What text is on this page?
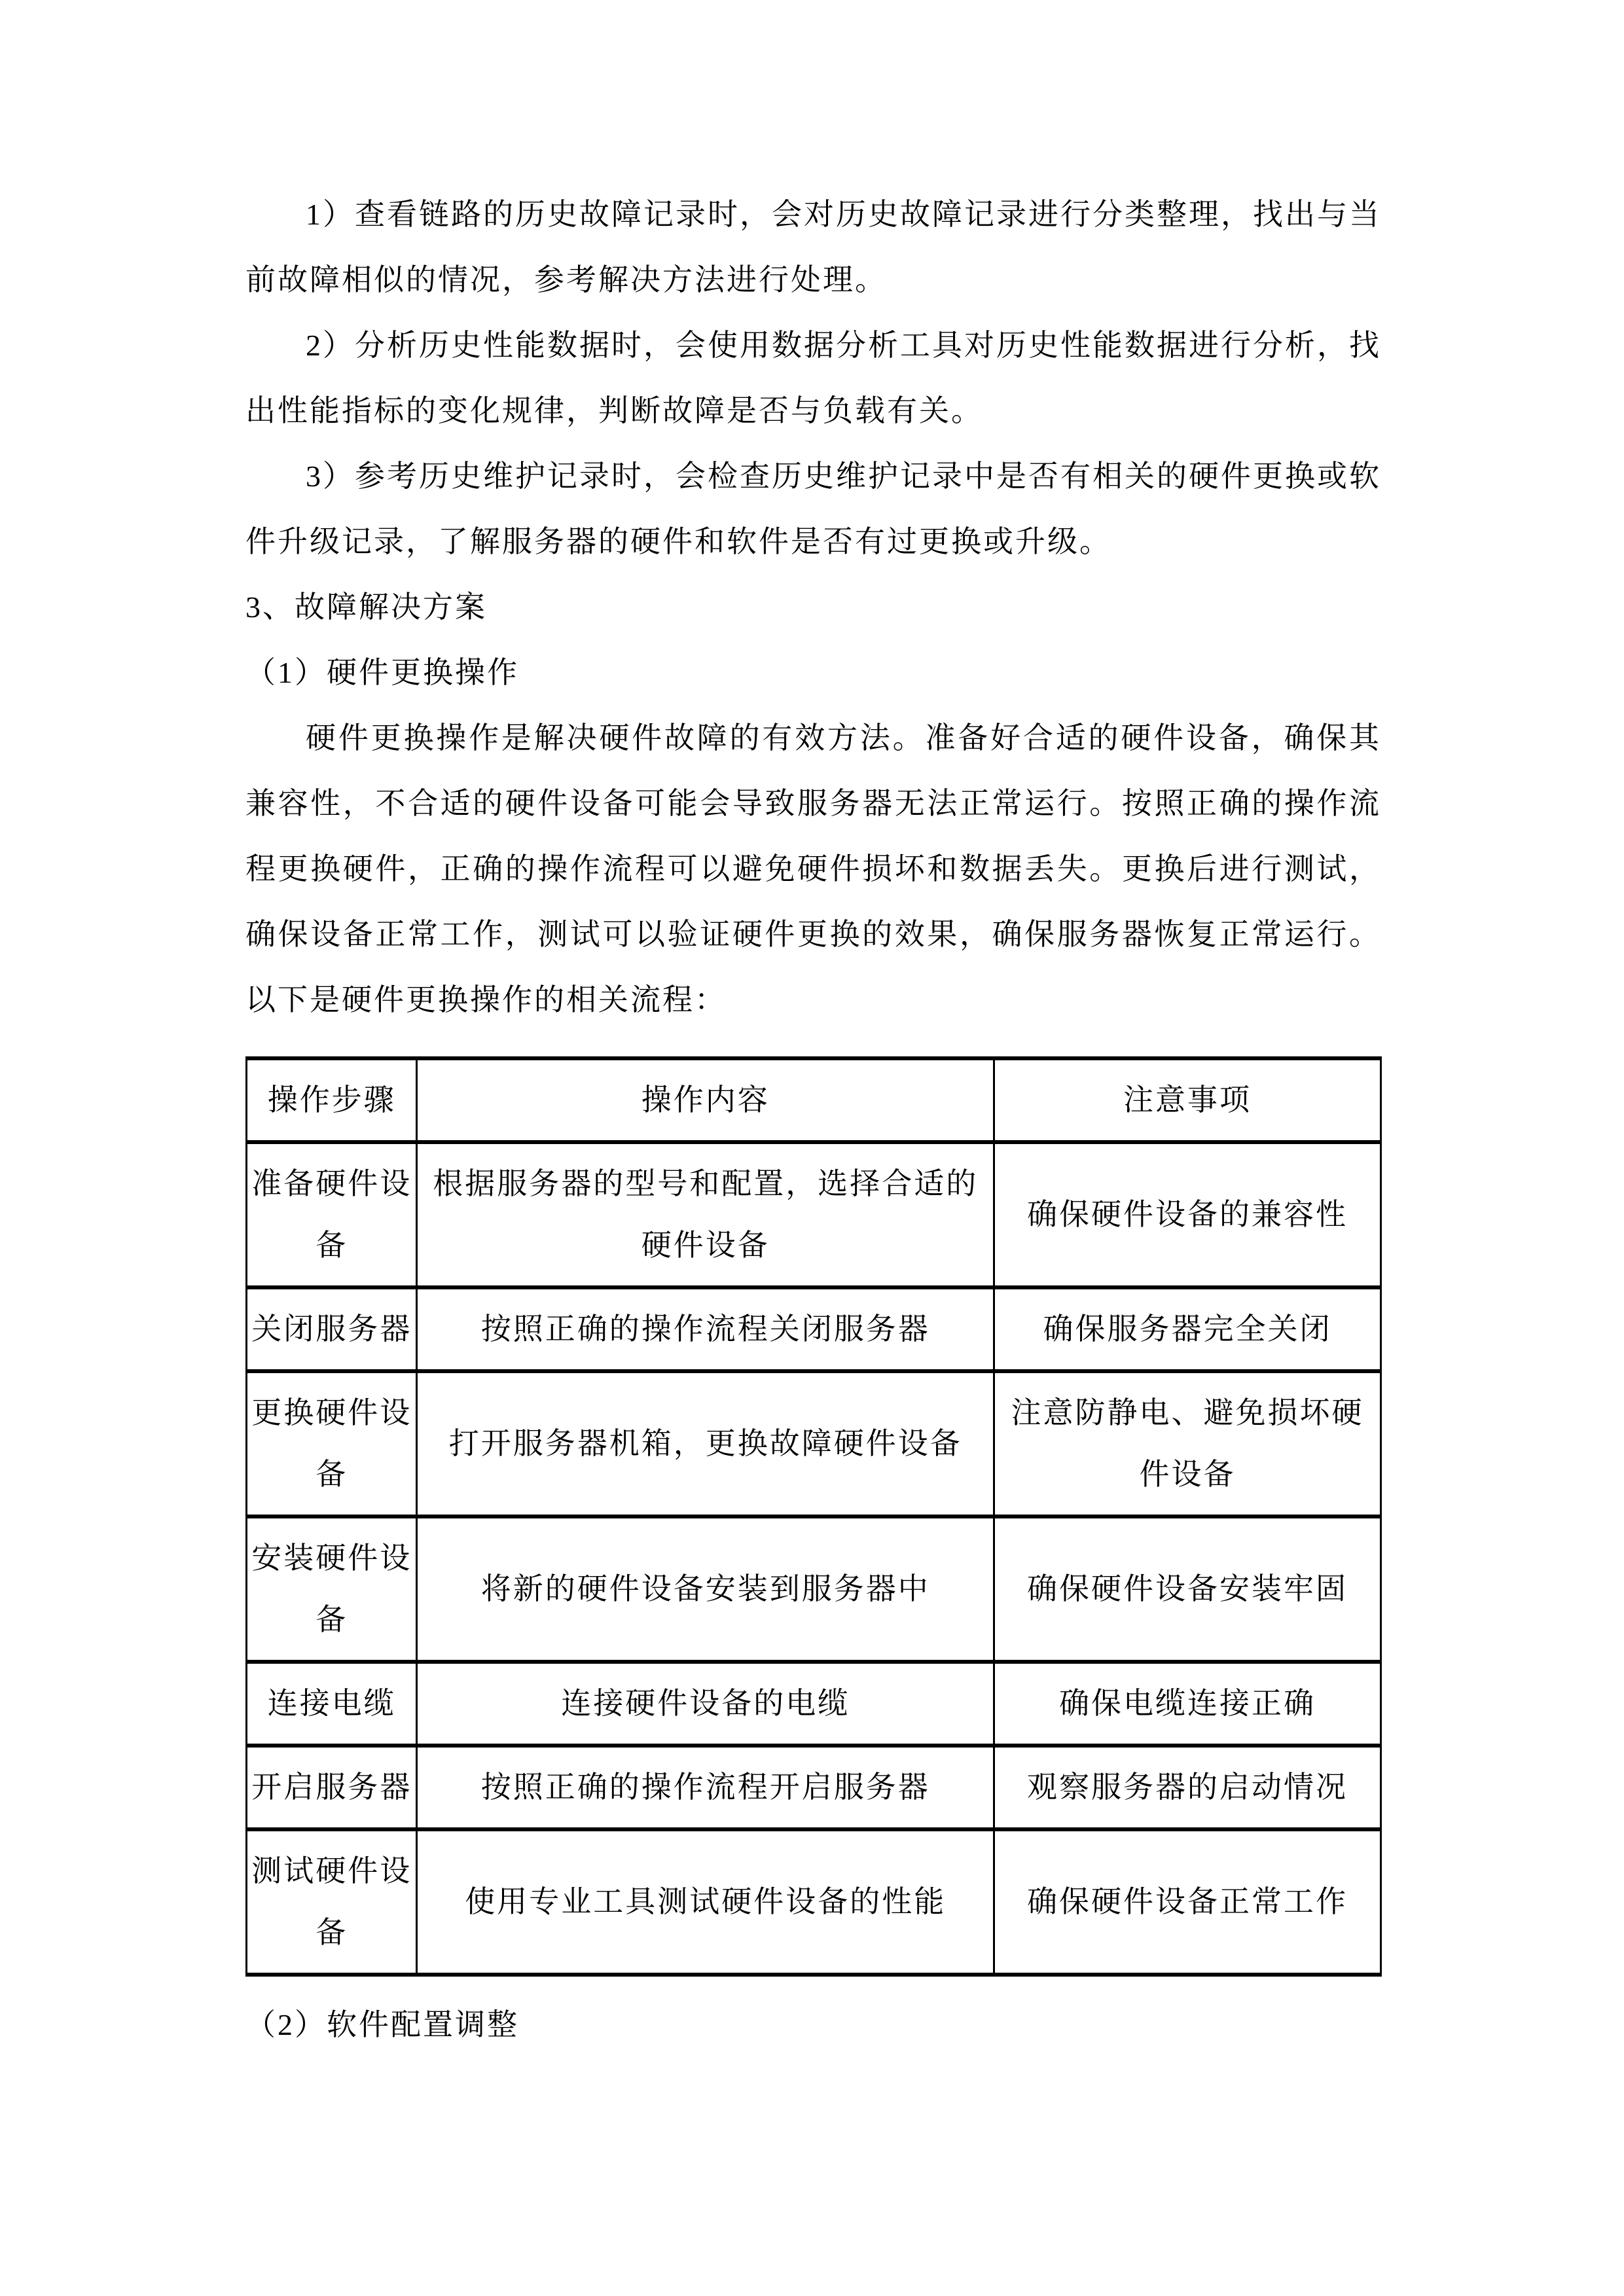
1）查看链路的历史故障记录时，会对历史故障记录进行分类整理，找出与当前故障相似的情况，参考解决方法进行处理。

2）分析历史性能数据时，会使用数据分析工具对历史性能数据进行分析，找出性能指标的变化规律，判断故障是否与负载有关。

3）参考历史维护记录时，会检查历史维护记录中是否有相关的硬件更换或软件升级记录，了解服务器的硬件和软件是否有过更换或升级。

3、故障解决方案
（1）硬件更换操作

硬件更换操作是解决硬件故障的有效方法。准备好合适的硬件设备，确保其兼容性，不合适的硬件设备可能会导致服务器无法正常运行。按照正确的操作流程更换硬件，正确的操作流程可以避免硬件损坏和数据丢失。更换后进行测试，确保设备正常工作，测试可以验证硬件更换的效果，确保服务器恢复正常运行。以下是硬件更换操作的相关流程：

操作步骤	操作内容	注意事项
准备硬件设备	根据服务器的型号和配置，选择合适的硬件设备	确保硬件设备的兼容性
关闭服务器	按照正确的操作流程关闭服务器	确保服务器完全关闭
更换硬件设备	打开服务器机箱，更换故障硬件设备	注意防静电、避免损坏硬件设备
安装硬件设备	将新的硬件设备安装到服务器中	确保硬件设备安装牢固
连接电缆	连接硬件设备的电缆	确保电缆连接正确
开启服务器	按照正确的操作流程开启服务器	观察服务器的启动情况
测试硬件设备	使用专业工具测试硬件设备的性能	确保硬件设备正常工作
（2）软件配置调整
